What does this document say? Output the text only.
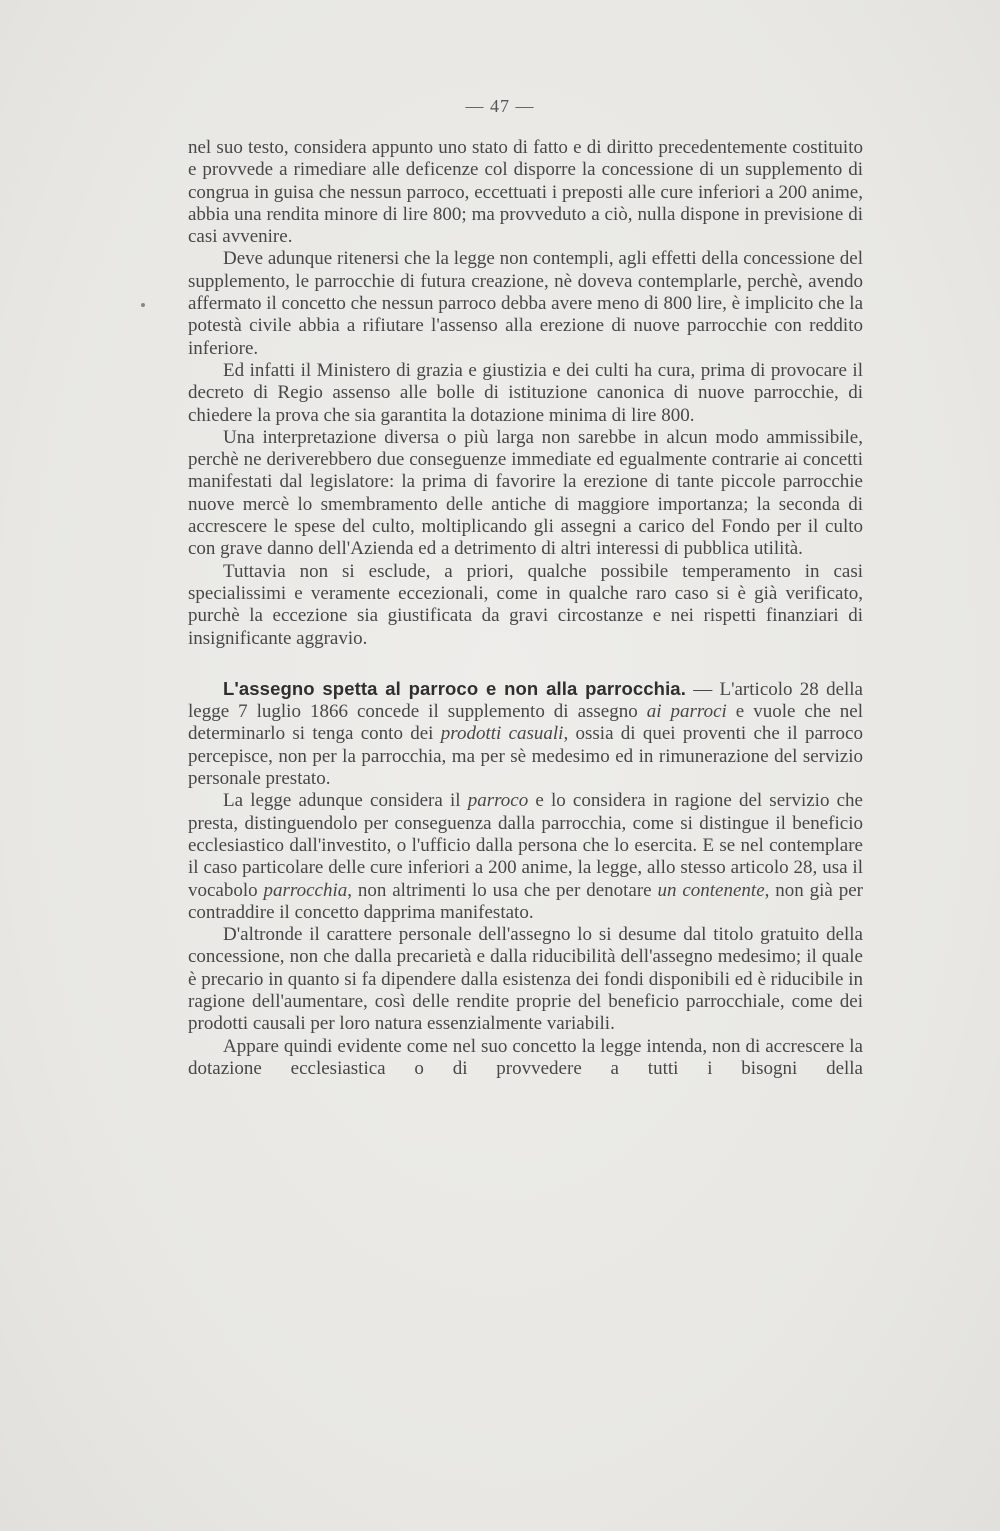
— 47 —

nel suo testo, considera appunto uno stato di fatto e di diritto precedentemente costituito e provvede a rimediare alle deficenze col disporre la concessione di un supplemento di congrua in guisa che nessun parroco, eccettuati i preposti alle cure inferiori a 200 anime, abbia una rendita minore di lire 800; ma provveduto a ciò, nulla dispone in previsione di casi avvenire.

Deve adunque ritenersi che la legge non contempli, agli effetti della concessione del supplemento, le parrocchie di futura creazione, nè doveva contemplarle, perchè, avendo affermato il concetto che nessun parroco debba avere meno di 800 lire, è implicito che la potestà civile abbia a rifiutare l'assenso alla erezione di nuove parrocchie con reddito inferiore.

Ed infatti il Ministero di grazia e giustizia e dei culti ha cura, prima di provocare il decreto di Regio assenso alle bolle di istituzione canonica di nuove parrocchie, di chiedere la prova che sia garantita la dotazione minima di lire 800.

Una interpretazione diversa o più larga non sarebbe in alcun modo ammissibile, perchè ne deriverebbero due conseguenze immediate ed egualmente contrarie ai concetti manifestati dal legislatore: la prima di favorire la erezione di tante piccole parrocchie nuove mercè lo smembramento delle antiche di maggiore importanza; la seconda di accrescere le spese del culto, moltiplicando gli assegni a carico del Fondo per il culto con grave danno dell'Azienda ed a detrimento di altri interessi di pubblica utilità.

Tuttavia non si esclude, a priori, qualche possibile temperamento in casi specialissimi e veramente eccezionali, come in qualche raro caso si è già verificato, purchè la eccezione sia giustificata da gravi circostanze e nei rispetti finanziari di insignificante aggravio.

L'assegno spetta al parroco e non alla parrocchia. — L'articolo 28 della legge 7 luglio 1866 concede il supplemento di assegno ai parroci e vuole che nel determinarlo si tenga conto dei prodotti casuali, ossia di quei proventi che il parroco percepisce, non per la parrocchia, ma per sè medesimo ed in rimunerazione del servizio personale prestato.

La legge adunque considera il parroco e lo considera in ragione del servizio che presta, distinguendolo per conseguenza dalla parrocchia, come si distingue il beneficio ecclesiastico dall'investito, o l'ufficio dalla persona che lo esercita. E se nel contemplare il caso particolare delle cure inferiori a 200 anime, la legge, allo stesso articolo 28, usa il vocabolo parrocchia, non altrimenti lo usa che per denotare un contenente, non già per contraddire il concetto dapprima manifestato.

D'altronde il carattere personale dell'assegno lo si desume dal titolo gratuito della concessione, non che dalla precarietà e dalla riducibilità dell'assegno medesimo; il quale è precario in quanto si fa dipendere dalla esistenza dei fondi disponibili ed è riducibile in ragione dell'aumentare, così delle rendite proprie del beneficio parrocchiale, come dei prodotti causali per loro natura essenzialmente variabili.

Appare quindi evidente come nel suo concetto la legge intenda, non di accrescere la dotazione ecclesiastica o di provvedere a tutti i bisogni della
